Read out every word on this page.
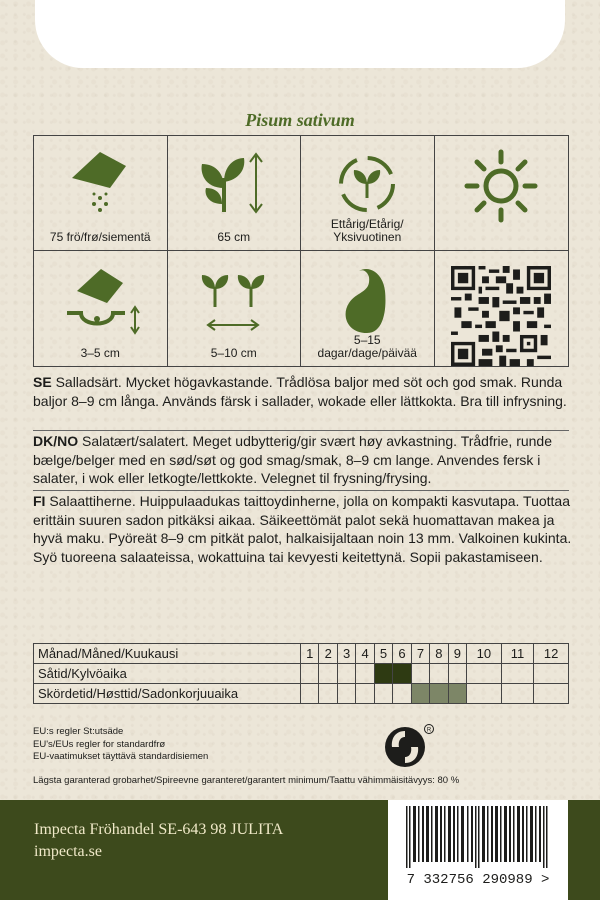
Pisum sativum
75 frö/frø/siementä	65 cm
Ettårig/Etårig/
Yksivuotinen
3–5 cm	5–10 cm
5–15
dagar/dage/päivää
SE Salladsärt. Mycket högavkastande. Trådlösa baljor med söt och god smak. Runda baljor 8–9 cm långa. Används färsk i sallader, wokade eller lättkokta. Bra till infrysning.
DK/NO Salatært/salatert. Meget udbytterig/gir svært høy avkastning. Trådfrie, runde bælge/belger med en sød/søt og god smag/smak, 8–9 cm lange. Anvendes fersk i salater, i wok eller letkogte/lettkokte. Velegnet til frysning/frysing.
FI Salaattiherne. Huippulaadukas taittoydinherne, jolla on kompakti kasvutapa. Tuottaa erittäin suuren sadon pitkäksi aikaa. Säikeettömät palot sekä huomattavan makea ja hyvä maku. Pyöreät 8–9 cm pitkät palot, halkaisijaltaan noin 13 mm. Valkoinen kukinta. Syö tuoreena salaateissa, wokattuina tai kevyesti keitettynä. Sopii pakastamiseen.
Månad/Måned/Kuukausi	1	2	3	4	5	6	7	8	9	10	11	12
Såtid/Kylvöaika												
Skördetid/Høsttid/Sadonkorjuuaika												
EU:s regler St:utsäde
EU's/EUs regler for standardfrø
EU-vaatimukset täyttävä standardisiemen
R
Lägsta garanterad grobarhet/Spireevne garanteret/garantert minimum/Taattu vähimmäisitävyys: 80 %
Impecta Fröhandel SE-643 98 JULITA
impecta.se
7 332756 290989 >
